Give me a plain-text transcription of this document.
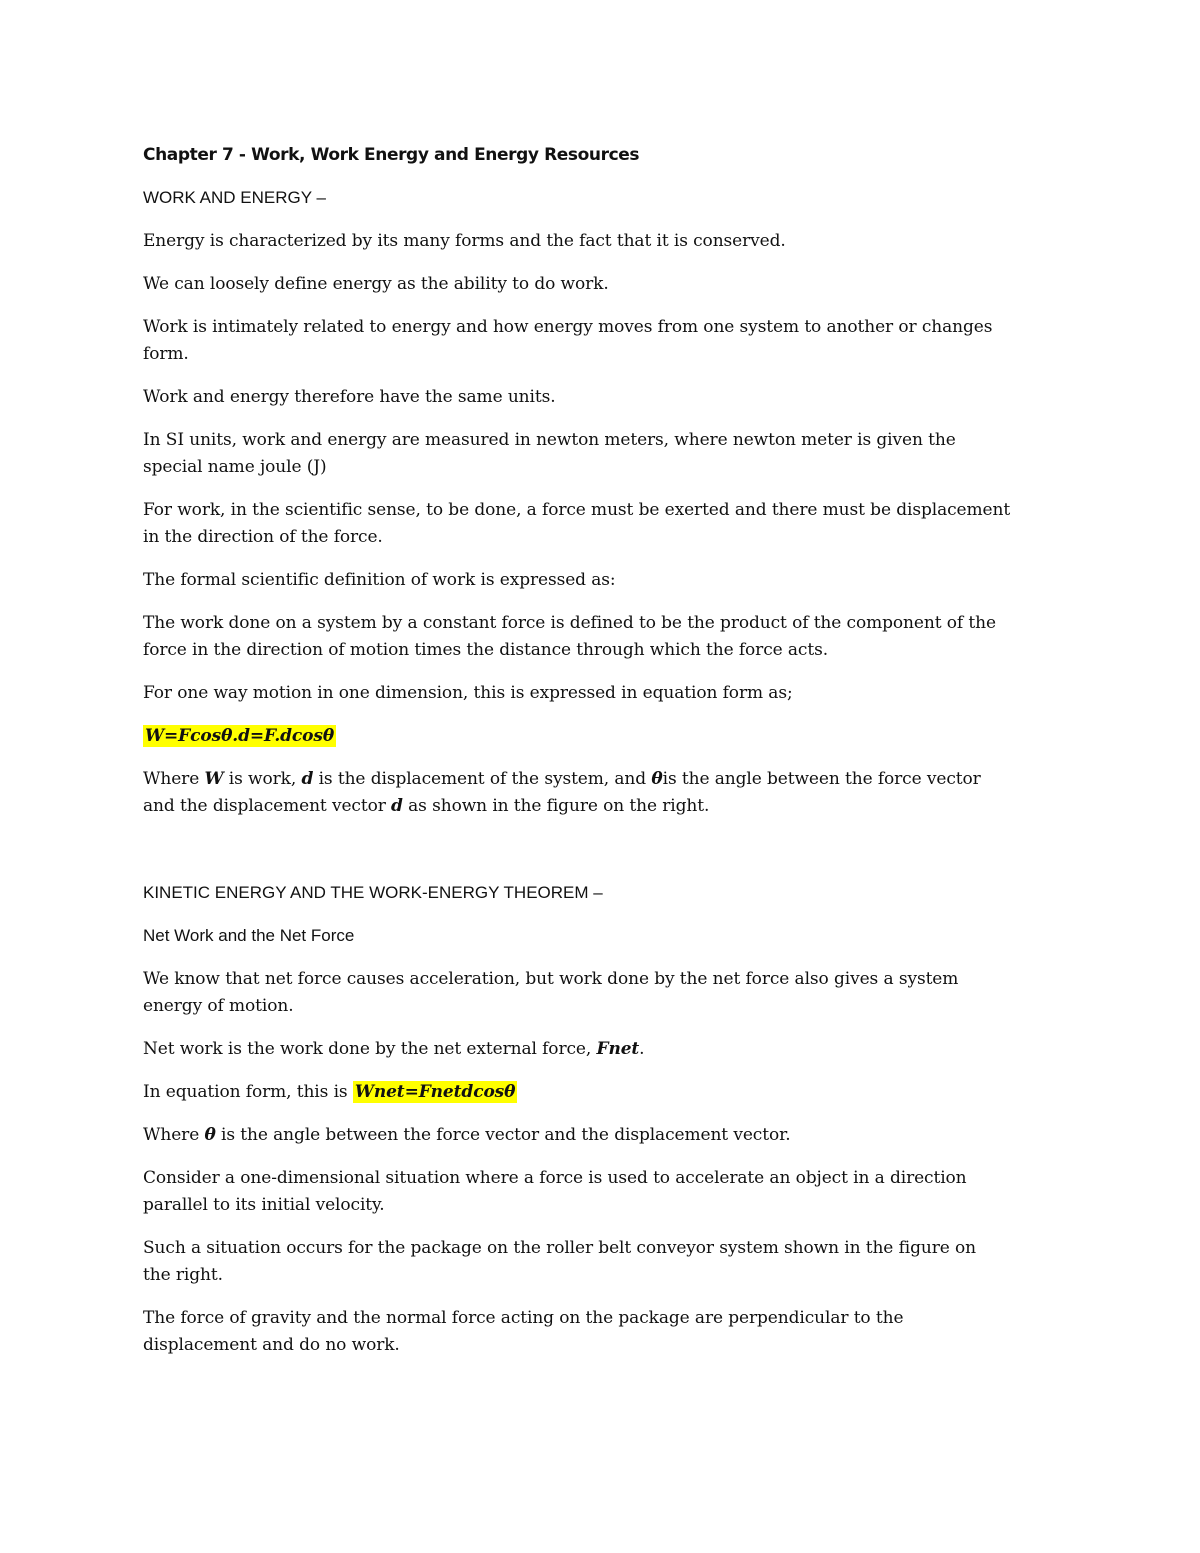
Chapter 7 - Work, Work Energy and Energy Resources
WORK AND ENERGY –
Energy is characterized by its many forms and the fact that it is conserved.
We can loosely define energy as the ability to do work.
Work is intimately related to energy and how energy moves from one system to another or changes
form.
Work and energy therefore have the same units.
In SI units, work and energy are measured in newton meters, where newton meter is given the
special name joule (J)
For work, in the scientific sense, to be done, a force must be exerted and there must be displacement
in the direction of the force.
The formal scientific definition of work is expressed as:
The work done on a system by a constant force is defined to be the product of the component of the
force in the direction of motion times the distance through which the force acts.
For one way motion in one dimension, this is expressed in equation form as;
W=Fcosθ.d=F.dcosθ
Where W is work, d is the displacement of the system, and θis the angle between the force vector
and the displacement vector d as shown in the figure on the right.
KINETIC ENERGY AND THE WORK-ENERGY THEOREM –
Net Work and the Net Force
We know that net force causes acceleration, but work done by the net force also gives a system
energy of motion.
Net work is the work done by the net external force, Fnet.
In equation form, this is Wnet=Fnetdcosθ
Where θ is the angle between the force vector and the displacement vector.
Consider a one-dimensional situation where a force is used to accelerate an object in a direction
parallel to its initial velocity.
Such a situation occurs for the package on the roller belt conveyor system shown in the figure on
the right.
The force of gravity and the normal force acting on the package are perpendicular to the
displacement and do no work.
